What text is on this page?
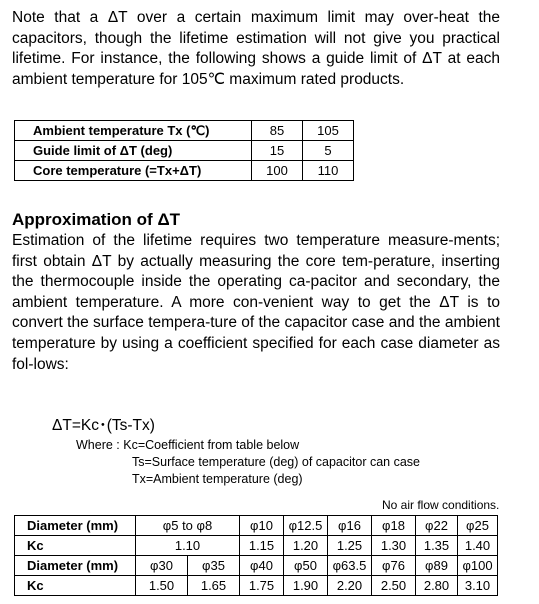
Note that a ΔT over a certain maximum limit may over-heat the capacitors, though the lifetime estimation will not give you practical lifetime. For instance, the following shows a guide limit of ΔT at each ambient temperature for 105℃ maximum rated products.

Ambient temperature Tx (℃)	85	105
Guide limit of ΔT (deg)	15	5
Core temperature (=Tx+ΔT)	100	110
Approximation of ΔT

Estimation of the lifetime requires two temperature measure-ments; first obtain ΔT by actually measuring the core tem-perature, inserting the thermocouple inside the operating ca-pacitor and secondary, the ambient temperature. A more con-venient way to get the ΔT is to convert the surface tempera-ture of the capacitor case and the ambient temperature by using a coefficient specified for each case diameter as fol-lows:

ΔT=Kc･(Ts-Tx)
Where : Kc=Coefficient from table below
Ts=Surface temperature (deg) of capacitor can case
Tx=Ambient temperature (deg)
No air flow conditions.
Diameter (mm)	φ5 to φ8		φ10	φ12.5	φ16	φ18	φ22	φ25
Kc	1.10		1.15	1.20	1.25	1.30	1.35	1.40
Diameter (mm)	φ30	φ35	φ40	φ50	φ63.5	φ76	φ89	φ100
Kc	1.50	1.65	1.75	1.90	2.20	2.50	2.80	3.10
